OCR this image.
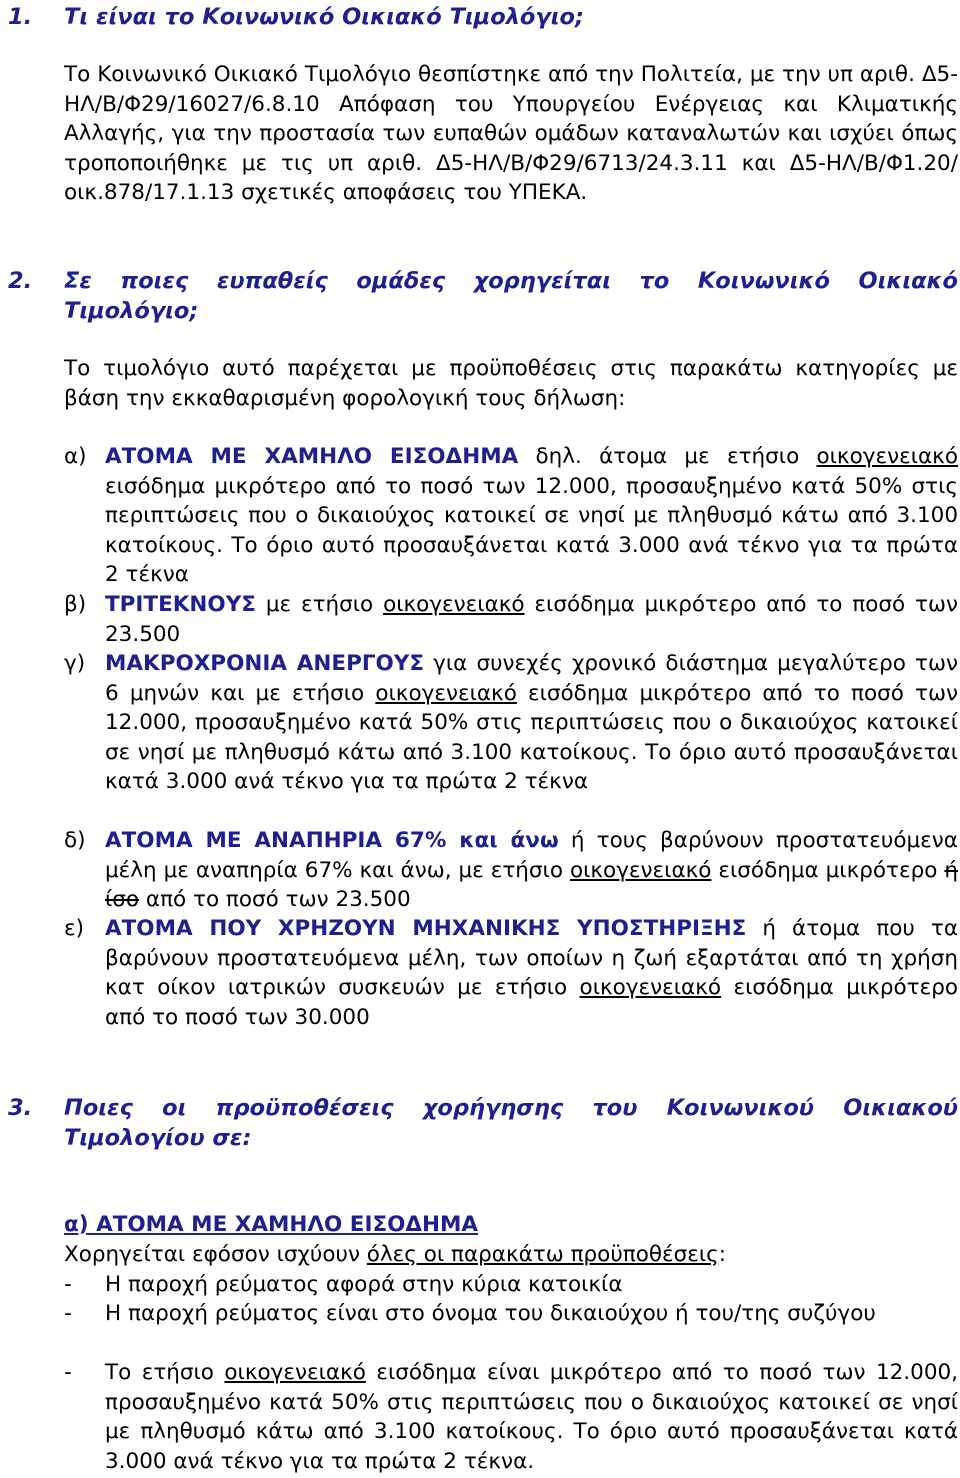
1. Τι είναι το Κοινωνικό Οικιακό Τιμολόγιο;

Το Κοινωνικό Οικιακό Τιμολόγιο θεσπίστηκε από την Πολιτεία, με την υπ αριθ. Δ5-ΗΛ/Β/Φ29/16027/6.8.10 Απόφαση του Υπουργείου Ενέργειας και Κλιματικής Αλλαγής, για την προστασία των ευπαθών ομάδων καταναλωτών και ισχύει όπως τροποποιήθηκε με τις υπ αριθ. Δ5-ΗΛ/Β/Φ29/6713/24.3.11 και Δ5-ΗΛ/Β/Φ1.20/οικ.878/17.1.13 σχετικές αποφάσεις του ΥΠΕΚΑ.

2. Σε ποιες ευπαθείς ομάδες χορηγείται το Κοινωνικό Οικιακό
Τιμολόγιο;

Το τιμολόγιο αυτό παρέχεται με προϋποθέσεις στις παρακάτω κατηγορίες με βάση την εκκαθαρισμένη φορολογική τους δήλωση:

α) ΑΤΟΜΑ ΜΕ ΧΑΜΗΛΟ ΕΙΣΟΔΗΜΑ δηλ. άτομα με ετήσιο οικογενειακό εισόδημα μικρότερο από το ποσό των 12.000, προσαυξημένο κατά 50% στις περιπτώσεις που ο δικαιούχος κατοικεί σε νησί με πληθυσμό κάτω από 3.100 κατοίκους. Το όριο αυτό προσαυξάνεται κατά 3.000 ανά τέκνο για τα πρώτα 2 τέκνα
β) ΤΡΙΤΕΚΝΟΥΣ με ετήσιο οικογενειακό εισόδημα μικρότερο από το ποσό των 23.500
γ) ΜΑΚΡΟΧΡΟΝΙΑ ΑΝΕΡΓΟΥΣ για συνεχές χρονικό διάστημα μεγαλύτερο των 6 μηνών και με ετήσιο οικογενειακό εισόδημα μικρότερο από το ποσό των 12.000, προσαυξημένο κατά 50% στις περιπτώσεις που ο δικαιούχος κατοικεί σε νησί με πληθυσμό κάτω από 3.100 κατοίκους. Το όριο αυτό προσαυξάνεται κατά 3.000 ανά τέκνο για τα πρώτα 2 τέκνα
δ) ΑΤΟΜΑ ΜΕ ΑΝΑΠΗΡΙΑ 67% και άνω ή τους βαρύνουν προστατευόμενα μέλη με αναπηρία 67% και άνω, με ετήσιο οικογενειακό εισόδημα μικρότερο ή ίσο από το ποσό των 23.500
ε) ΑΤΟΜΑ ΠΟΥ ΧΡΗΖΟΥΝ ΜΗΧΑΝΙΚΗΣ ΥΠΟΣΤΗΡΙΞΗΣ ή άτομα που τα βαρύνουν προστατευόμενα μέλη, των οποίων η ζωή εξαρτάται από τη χρήση κατ οίκον ιατρικών συσκευών με ετήσιο οικογενειακό εισόδημα μικρότερο από το ποσό των 30.000
3. Ποιες οι προϋποθέσεις χορήγησης του Κοινωνικού Οικιακού
Τιμολογίου σε:
α) ΑΤΟΜΑ ΜΕ ΧΑΜΗΛΟ ΕΙΣΟΔΗΜΑ

Χορηγείται εφόσον ισχύουν όλες οι παρακάτω προϋποθέσεις:

- Η παροχή ρεύματος αφορά στην κύρια κατοικία
- Η παροχή ρεύματος είναι στο όνομα του δικαιούχου ή του/της συζύγου
- Το ετήσιο οικογενειακό εισόδημα είναι μικρότερο από το ποσό των 12.000, προσαυξημένο κατά 50% στις περιπτώσεις που ο δικαιούχος κατοικεί σε νησί με πληθυσμό κάτω από 3.100 κατοίκους. Το όριο αυτό προσαυξάνεται κατά 3.000 ανά τέκνο για τα πρώτα 2 τέκνα.
